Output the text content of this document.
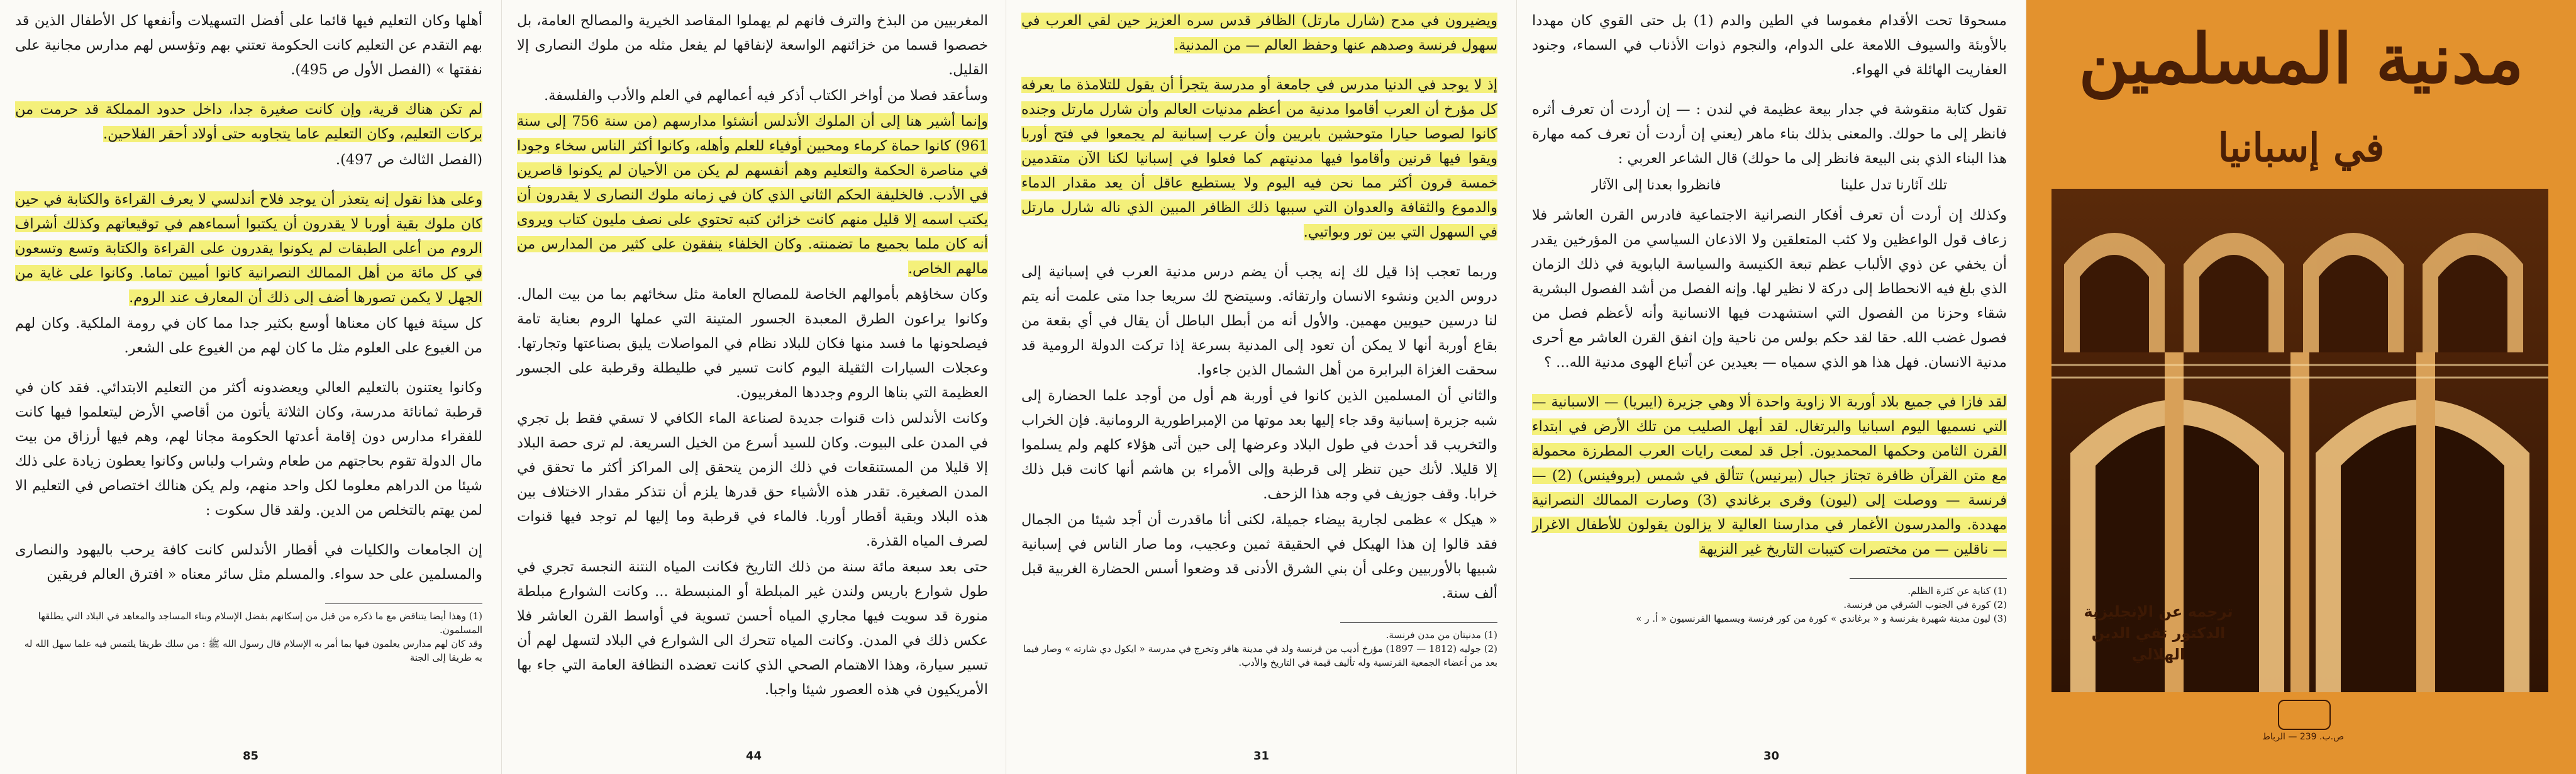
أهلها وكان التعليم فيها قائما على أفضل التسهيلات وأنفعها كل الأطفال الذين قد بهم التقدم عن التعليم كانت الحكومة تعتني بهم وتؤسس لهم مدارس مجانية على نفقتها » (الفصل الأول ص 495).

لم تكن هناك قرية، وإن كانت صغيرة جدا، داخل حدود المملكة قد حرمت من بركات التعليم، وكان التعليم عاما يتجاوبه حتى أولاد أحقر الفلاحين.

(الفصل الثالث ص 497).

وعلى هذا نقول إنه يتعذر أن يوجد فلاح أندلسي لا يعرف القراءة والكتابة في حين كان ملوك بقية أوربا لا يقدرون أن يكتبوا أسماءهم في توقيعاتهم وكذلك أشراف الروم من أعلى الطبقات لم يكونوا يقدرون على القراءة والكتابة وتسع وتسعون في كل مائة من أهل الممالك النصرانية كانوا أميين تماما. وكانوا على غاية من الجهل لا يكمن تصورها أضف إلى ذلك أن المعارف عند الروم.

كل سيئة فيها كان معناها أوسع بكثير جدا مما كان في رومة الملكية. وكان لهم من الغيوع على العلوم مثل ما كان لهم من الغيوع على الشعر.

وكانوا يعتنون بالتعليم العالي ويعضدونه أكثر من التعليم الابتدائي. فقد كان في قرطبة ثمانائة مدرسة، وكان الثلاثة يأتون من أقاصي الأرض ليتعلموا فيها كانت للفقراء مدارس دون إقامة أعدتها الحكومة مجانا لهم، وهم فيها أرزاق من بيت مال الدولة تقوم بحاجتهم من طعام وشراب ولباس وكانوا يعطون زيادة على ذلك شيئا من الدراهم معلوما لكل واحد منهم، ولم يكن هنالك اختصاص في التعليم الا لمن يهتم بالتخلص من الدين. ولقد قال سكوت :

إن الجامعات والكليات في أقطار الأندلس كانت كافة يرحب باليهود والنصارى والمسلمين على حد سواء. والمسلم مثل سائر معناه « افترق العالم فريقين

(1) وهذا أيضا يتناقض مع ما ذكره من قبل من إسكانهم بفضل الإسلام وبناء المساجد والمعاهد في البلاد التي يطلقها المسلمون.

وقد كان لهم مدارس يعلمون فيها بما أمر به الإسلام قال رسول الله ﷺ : من سلك طريقا يلتمس فيه علما سهل الله له به طريقا إلى الجنة

85

المغربيين من البذخ والترف فانهم لم يهملوا المقاصد الخيرية والمصالح العامة، بل خصصوا قسما من خزائنهم الواسعة لإنفاقها لم يفعل مثله من ملوك النصارى إلا القليل.

وسأعقد فصلا من أواخر الكتاب أذكر فيه أعمالهم في العلم والأدب والفلسفة.

وإنما أشير هنا إلى أن الملوك الأندلس أنشئوا مدارسهم (من سنة 756 إلى سنة 961) كانوا حماة كرماء ومحبين أوفياء للعلم وأهله، وكانوا أكثر الناس سخاء وجودا في مناصرة الحكمة والتعليم وهم أنفسهم لم يكن من الأحيان لم يكونوا قاصرين في الأدب. فالخليفة الحكم الثاني الذي كان في زمانه ملوك النصارى لا يقدرون أن يكتب اسمه إلا قليل منهم كانت خزائن كتبه تحتوي على نصف مليون كتاب ويروى أنه كان ملما بجميع ما تضمنته. وكان الخلفاء ينفقون على كثير من المدارس من مالهم الخاص.

وكان سخاؤهم بأموالهم الخاصة للمصالح العامة مثل سخائهم بما من بيت المال. وكانوا يراعون الطرق المعبدة الجسور المتينة التي عملها الروم بعناية تامة فيصلحونها ما فسد منها فكان للبلاد نظام في المواصلات يليق بصناعتها وتجارتها. وعجلات السيارات الثقيلة اليوم كانت تسير في طليطلة وقرطبة على الجسور العظيمة التي بناها الروم وجددها المغربيون.

وكانت الأندلس ذات قنوات جديدة لصناعة الماء الكافي لا تسقي فقط بل تجري في المدن على البيوت. وكان للسيد أسرع من الخيل السريعة. لم ترى حصة البلاد إلا قليلا من المستنقعات في ذلك الزمن يتحقق إلى المراكز أكثر ما تحقق في المدن الصغيرة. تقدر هذه الأشياء حق قدرها يلزم أن نتذكر مقدار الاختلاف بين هذه البلاد وبقية أقطار أوربا. فالماء في قرطبة وما إليها لم توجد فيها قنوات لصرف المياه القذرة.

حتى بعد سبعة مائة سنة من ذلك التاريخ فكانت المياه النتنة النجسة تجري في طول شوارع باريس ولندن غير المبلطة أو المنبسطة ... وكانت الشوارع مبلطة منورة قد سويت فيها مجاري المياه أحسن تسوية في أواسط القرن العاشر فلا عكس ذلك في المدن. وكانت المياه تتحرك الى الشوارع في البلاد لتسهل لهم أن تسير سيارة، وهذا الاهتمام الصحي الذي كانت تعضده النظافة العامة التي جاء بها الأمريكيون في هذه العصور شيئا واجبا.

44

ويضيرون في مدح (شارل مارتل) الظافر قدس سره العزيز حين لقي العرب في سهول فرنسة وصدهم عنها وحفظ العالم — من المدنية.

إذ لا يوجد في الدنيا مدرس في جامعة أو مدرسة يتجرأ أن يقول للتلامذة ما يعرفه كل مؤرخ أن العرب أقاموا مدنية من أعظم مدنيات العالم وأن شارل مارتل وجنده كانوا لصوصا حيارا متوحشين بابريين وأن عرب إسبانية لم يجمعوا في فتح أوربا ويقوا فيها قرنين وأقاموا فيها مدنيتهم كما فعلوا في إسبانيا لكنا الآن متقدمين خمسة قرون أكثر مما نحن فيه اليوم ولا يستطيع عاقل أن يعد مقدار الدماء والدموع والثقافة والعدوان التي سببها ذلك الظافر المبين الذي ناله شارل مارتل في السهول التي بين تور وبواتيي.

وربما تعجب إذا قيل لك إنه يجب أن يضم درس مدنية العرب في إسبانية إلى دروس الدين ونشوء الانسان وارتقائه. وسيتضح لك سريعا جدا متى علمت أنه يتم لنا درسين حيويين مهمين. والأول أنه من أبطل الباطل أن يقال في أي بقعة من بقاع أوربة أنها لا يمكن أن تعود إلى المدنية بسرعة إذا تركت الدولة الرومية قد سحقت الغزاة البرابرة من أهل الشمال الذين جاءوا.

والثاني أن المسلمين الذين كانوا في أوربة هم أول من أوجد علما الحضارة إلى شبه جزيرة إسبانية وقد جاء إليها بعد موتها من الإمبراطورية الرومانية. فإن الخراب والتخريب قد أحدث في طول البلاد وعرضها إلى حين أتى هؤلاء كلهم ولم يسلموا إلا قليلا. لأنك حين تنظر إلى قرطبة وإلى الأمراء بن هاشم أنها كانت قبل ذلك خرابا. وقف جوزيف في وجه هذا الزحف.

« هيكل » عظمى لجارية بيضاء جميلة، لكنى أنا ماقدرت أن أجد شيئا من الجمال فقد قالوا إن هذا الهيكل في الحقيقة ثمين وعجيب، وما صار الناس في إسبانية شبيها بالأوربيين وعلى أن بني الشرق الأدنى قد وضعوا أسس الحضارة الغربية قبل ألف سنة.

(1) مدنيتان من مدن فرنسة.

(2) جوليه (1812 — 1897) مؤرخ أديب من فرنسة ولد في مدينة هافر وتخرج في مدرسة « ايكول دي شارته » وصار فيما بعد من أعضاء الجمعية الفرنسية وله تأليف قيمة في التاريخ والأدب.

31

مسحوقا تحت الأقدام مغموسا في الطين والدم (1) بل حتى القوي كان مهددا بالأوبئة والسيوف اللامعة على الدوام، والنجوم ذوات الأذناب في السماء، وجنود العفاريت الهائلة في الهواء.

تقول كتابة منقوشة في جدار بيعة عظيمة في لندن : — إن أردت أن تعرف أثره فانظر إلى ما حولك. والمعنى بذلك بناء ماهر (يعني إن أردت أن تعرف كمه مهارة هذا البناء الذي بنى البيعة فانظر إلى ما حولك) قال الشاعر العربي :

تلك آثارنا تدل علينا
فانظروا بعدنا إلى الآثار

وكذلك إن أردت أن تعرف أفكار النصرانية الاجتماعية فادرس القرن العاشر فلا زعاف قول الواعظين ولا كثب المتعلقين ولا الاذعان السياسي من المؤرخين يقدر أن يخفي عن ذوي الألباب عظم تبعة الكنيسة والسياسة البابوية في ذلك الزمان الذي بلغ فيه الانحطاط إلى دركة لا نظير لها. وإنه الفصل من أشد الفصول البشرية شقاء وحزنا من الفصول التي استشهدت فيها الانسانية وأنه لأعظم فصل من فصول غضب الله. حقا لقد حكم بولس من ناحية وإن انفق القرن العاشر مع أحرى مدنية الانسان. فهل هذا هو الذي سمياه — بعيدين عن أتباع الهوى مدنية الله... ؟

لقد فازا في جميع بلاد أوربة الا زاوية واحدة ألا وهي جزيرة (ايبريا) — الاسبانية — التي نسميها اليوم اسبانيا والبرتغال. لقد أبهل الصليب من تلك الأرض في ابتداء القرن الثامن وحكمها المحمديون. أجل قد لمعت رايات العرب المطرزة محمولة مع متن القرآن ظافرة تجتاز جبال (بيرنيس) تتألق في شمس (بروفينس) (2) — فرنسة — ووصلت إلى (ليون) وقرى برغاندي (3) وصارت الممالك النصرانية مهددة. والمدرسون الأغمار في مدارسنا العالية لا يزالون يقولون للأطفال الاغرار — ناقلين — من مختصرات كتيبات التاريخ غير النزيهة

(1) كناية عن كثرة الظلم.

(2) كورة في الجنوب الشرقي من فرنسة.

(3) ليون مدينة شهيرة بفرنسة و « برغاندي » كورة من كور فرنسة ويسميها الفرنسيون « أ. ر »

30
مدنية المسلمين
في إسبانيا
ترجمه عن الإنجليزية
الدكتور تقي الدين الهلالي
ص.ب. 239 — الرباط
